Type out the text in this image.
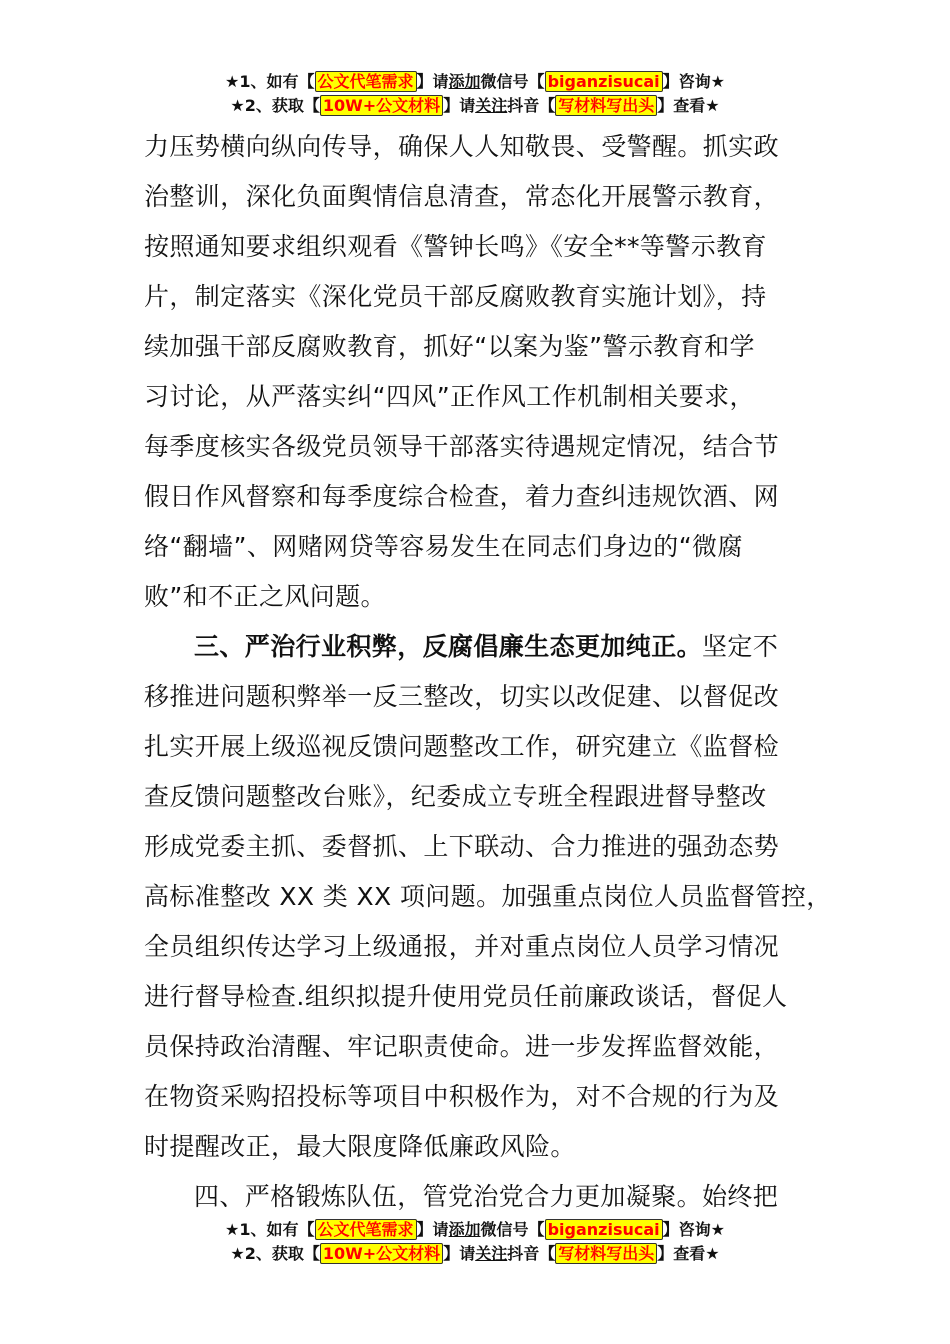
★1、如有【 公文代笔需求 】请添加微信号【 biganzisucai 】咨询★
★2、获取【 10W+公文材料 】请关注抖音【 写材料写出头 】查看★
力压势横向纵向传导，确保人人知敬畏、受警醒。抓实政
治整训，深化负面舆情信息清查，常态化开展警示教育，
按照通知要求组织观看《警钟长鸣》《安全**等警示教育
片，制定落实《深化党员干部反腐败教育实施计划》，持
续加强干部反腐败教育，抓好“以案为鉴”警示教育和学
习讨论，从严落实纠“四风”正作风工作机制相关要求，
每季度核实各级党员领导干部落实待遇规定情况，结合节
假日作风督察和每季度综合检查，着力查纠违规饮酒、网
络“翻墙”、网赌网贷等容易发生在同志们身边的“微腐
败”和不正之风问题。
三、严治行业积弊，反腐倡廉生态更加纯正。坚定不
移推进问题积弊举一反三整改，切实以改促建、以督促改
扎实开展上级巡视反馈问题整改工作，研究建立《监督检
查反馈问题整改台账》，纪委成立专班全程跟进督导整改
形成党委主抓、委督抓、上下联动、合力推进的强劲态势
高标准整改 XX 类 XX 项问题。加强重点岗位人员监督管控，
全员组织传达学习上级通报，并对重点岗位人员学习情况
进行督导检查.组织拟提升使用党员任前廉政谈话，督促人
员保持政治清醒、牢记职责使命。进一步发挥监督效能，
在物资采购招投标等项目中积极作为，对不合规的行为及
时提醒改正，最大限度降低廉政风险。
四、严格锻炼队伍，管党治党合力更加凝聚。始终把
★1、如有【 公文代笔需求 】请添加微信号【 biganzisucai 】咨询★
★2、获取【 10W+公文材料 】请关注抖音【 写材料写出头 】查看★
